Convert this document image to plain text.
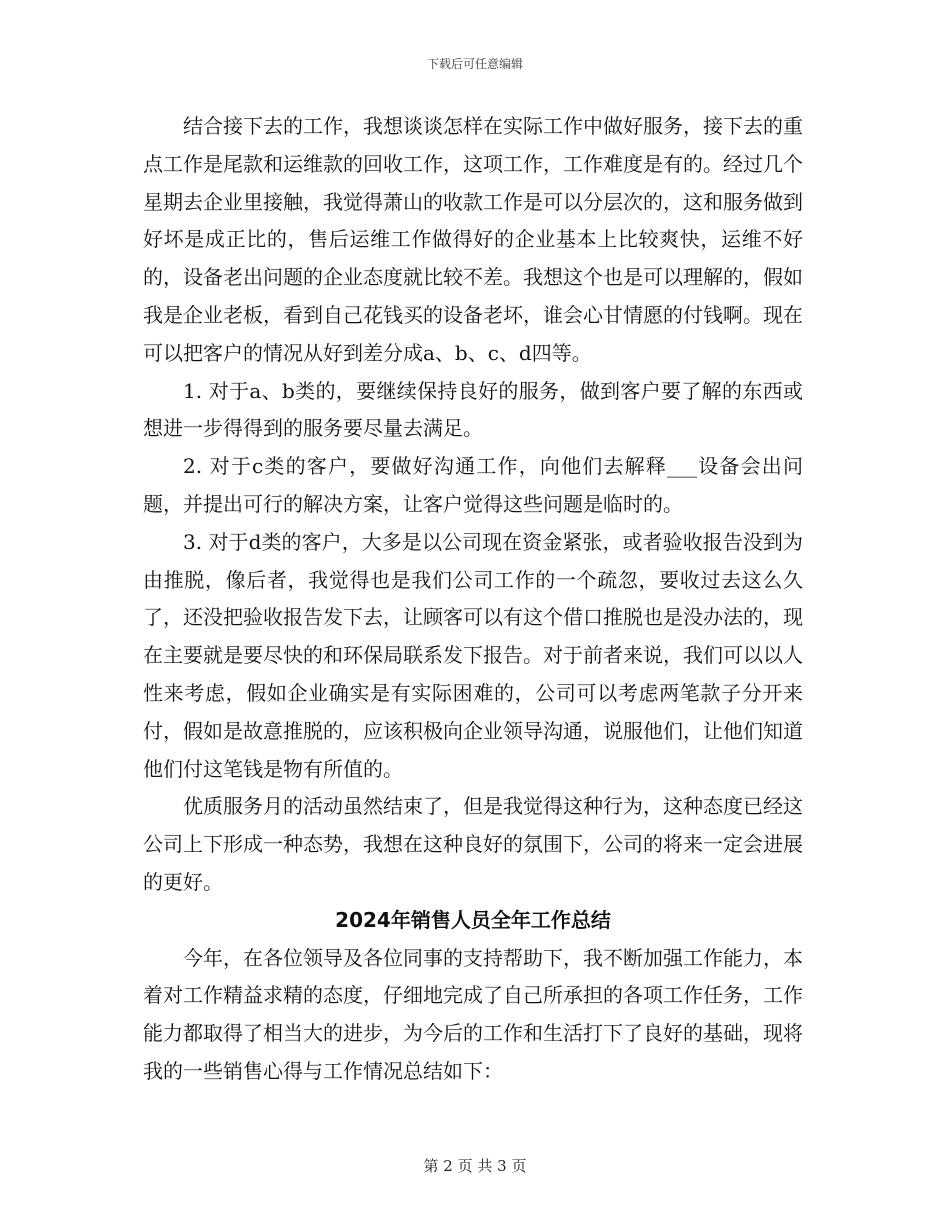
下载后可任意编辑

结合接下去的工作，我想谈谈怎样在实际工作中做好服务，接下去的重点工作是尾款和运维款的回收工作，这项工作，工作难度是有的。经过几个星期去企业里接触，我觉得萧山的收款工作是可以分层次的，这和服务做到好坏是成正比的，售后运维工作做得好的企业基本上比较爽快，运维不好的，设备老出问题的企业态度就比较不差。我想这个也是可以理解的，假如我是企业老板，看到自己花钱买的设备老坏，谁会心甘情愿的付钱啊。现在可以把客户的情况从好到差分成a、b、c、d四等。

1. 对于a、b类的，要继续保持良好的服务，做到客户要了解的东西或想进一步得得到的服务要尽量去满足。

2. 对于c类的客户，要做好沟通工作，向他们去解释___设备会出问题，并提出可行的解决方案，让客户觉得这些问题是临时的。

3. 对于d类的客户，大多是以公司现在资金紧张，或者验收报告没到为由推脱，像后者，我觉得也是我们公司工作的一个疏忽，要收过去这么久了，还没把验收报告发下去，让顾客可以有这个借口推脱也是没办法的，现在主要就是要尽快的和环保局联系发下报告。对于前者来说，我们可以以人性来考虑，假如企业确实是有实际困难的，公司可以考虑两笔款子分开来付，假如是故意推脱的，应该积极向企业领导沟通，说服他们，让他们知道他们付这笔钱是物有所值的。

优质服务月的活动虽然结束了，但是我觉得这种行为，这种态度已经这公司上下形成一种态势，我想在这种良好的氛围下，公司的将来一定会进展的更好。

2024年销售人员全年工作总结

今年，在各位领导及各位同事的支持帮助下，我不断加强工作能力，本着对工作精益求精的态度，仔细地完成了自己所承担的各项工作任务，工作能力都取得了相当大的进步，为今后的工作和生活打下了良好的基础，现将我的一些销售心得与工作情况总结如下：

第 2 页 共 3 页
